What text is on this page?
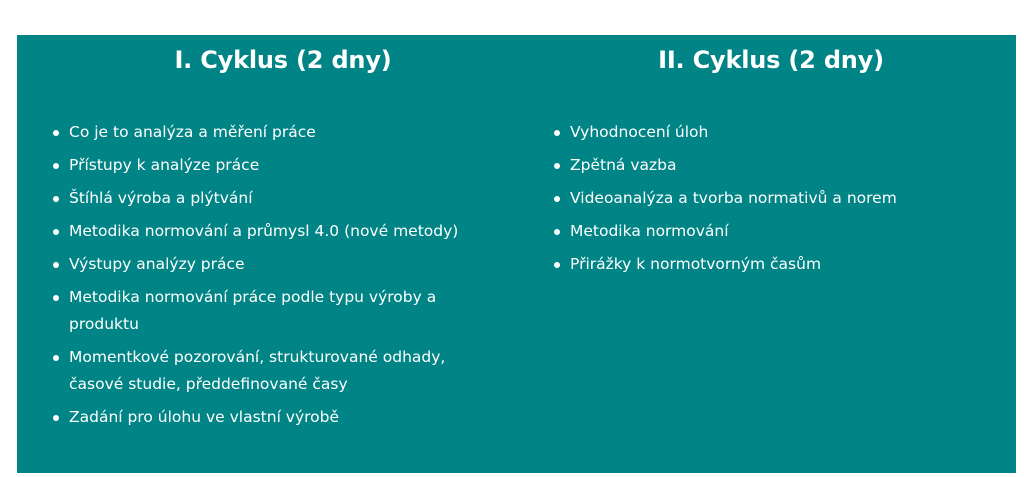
I. Cyklus (2 dny)
Co je to analýza a měření práce
Přístupy k analýze práce
Štíhlá výroba a plýtvání
Metodika normování a průmysl 4.0 (nové metody)
Výstupy analýzy práce
Metodika normování práce podle typu výroby a produktu
Momentkové pozorování, strukturované odhady, časové studie, předdefinované časy
Zadání pro úlohu ve vlastní výrobě
II. Cyklus (2 dny)
Vyhodnocení úloh
Zpětná vazba
Videoanalýza a tvorba normativů a norem
Metodika normování
Přirážky k normotvorným časům
